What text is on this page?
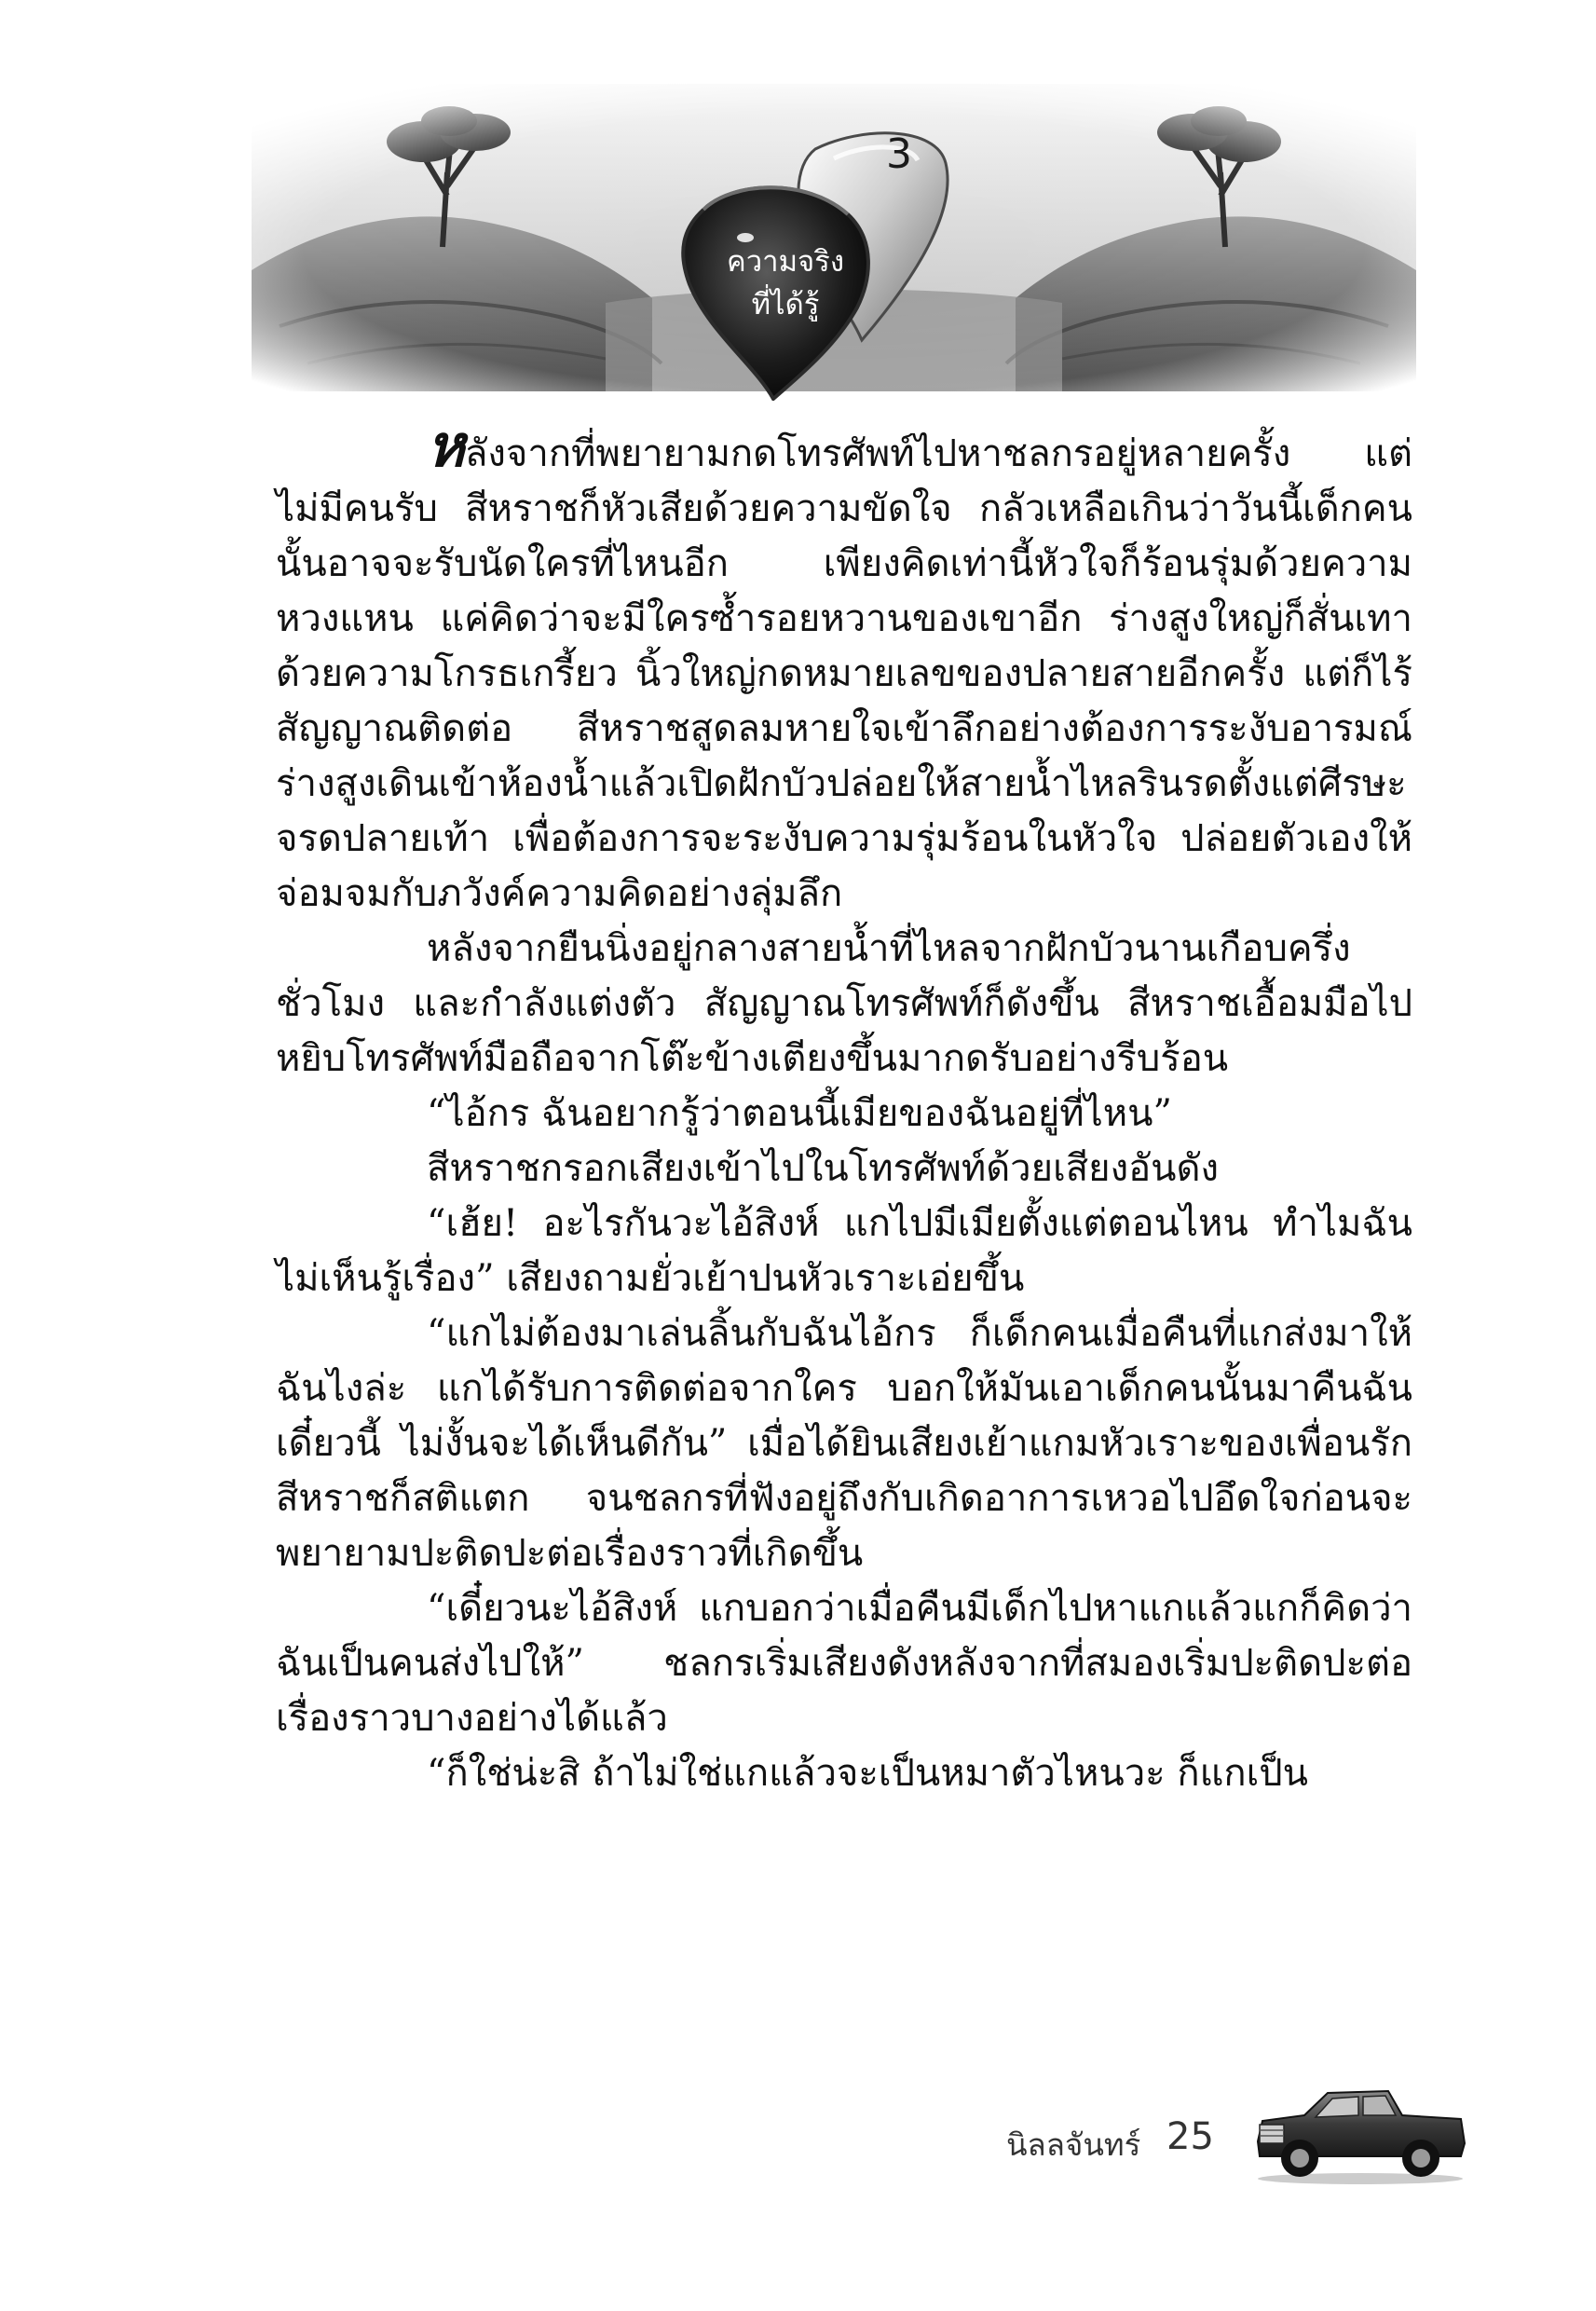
3
ความจริง
ที่ได้รู้

หลังจากที่พยายามกดโทรศัพท์ไปหาชลกรอยู่หลายครั้ง แต่ไม่มีคนรับ สีหราชก็หัวเสียด้วยความขัดใจ กลัวเหลือเกินว่าวันนี้เด็กคนนั้นอาจจะรับนัดใครที่ไหนอีก เพียงคิดเท่านี้หัวใจก็ร้อนรุ่มด้วยความหวงแหน แค่คิดว่าจะมีใครซ้ำรอยหวานของเขาอีก ร่างสูงใหญ่ก็สั่นเทาด้วยความโกรธเกรี้ยว นิ้วใหญ่กดหมายเลขของปลายสายอีกครั้ง แต่ก็ไร้สัญญาณติดต่อ สีหราชสูดลมหายใจเข้าลึกอย่างต้องการระงับอารมณ์ ร่างสูงเดินเข้าห้องน้ำแล้วเปิดฝักบัวปล่อยให้สายน้ำไหลรินรดตั้งแต่ศีรษะจรดปลายเท้า เพื่อต้องการจะระงับความรุ่มร้อนในหัวใจ ปล่อยตัวเองให้จ่อมจมกับภวังค์ความคิดอย่างลุ่มลึก

หลังจากยืนนิ่งอยู่กลางสายน้ำที่ไหลจากฝักบัวนานเกือบครึ่งชั่วโมง และกำลังแต่งตัว สัญญาณโทรศัพท์ก็ดังขึ้น สีหราชเอื้อมมือไปหยิบโทรศัพท์มือถือจากโต๊ะข้างเตียงขึ้นมากดรับอย่างรีบร้อน

“ไอ้กร ฉันอยากรู้ว่าตอนนี้เมียของฉันอยู่ที่ไหน”

สีหราชกรอกเสียงเข้าไปในโทรศัพท์ด้วยเสียงอันดัง

“เฮ้ย! อะไรกันวะไอ้สิงห์ แกไปมีเมียตั้งแต่ตอนไหน ทำไมฉันไม่เห็นรู้เรื่อง” เสียงถามยั่วเย้าปนหัวเราะเอ่ยขึ้น

“แกไม่ต้องมาเล่นลิ้นกับฉันไอ้กร ก็เด็กคนเมื่อคืนที่แกส่งมาให้ฉันไงล่ะ แกได้รับการติดต่อจากใคร บอกให้มันเอาเด็กคนนั้นมาคืนฉันเดี๋ยวนี้ ไม่งั้นจะได้เห็นดีกัน” เมื่อได้ยินเสียงเย้าแกมหัวเราะของเพื่อนรักสีหราชก็สติแตก จนชลกรที่ฟังอยู่ถึงกับเกิดอาการเหวอไปอึดใจก่อนจะพยายามปะติดปะต่อเรื่องราวที่เกิดขึ้น

“เดี๋ยวนะไอ้สิงห์ แกบอกว่าเมื่อคืนมีเด็กไปหาแกแล้วแกก็คิดว่าฉันเป็นคนส่งไปให้” ชลกรเริ่มเสียงดังหลังจากที่สมองเริ่มปะติดปะต่อเรื่องราวบางอย่างได้แล้ว

“ก็ใช่น่ะสิ ถ้าไม่ใช่แกแล้วจะเป็นหมาตัวไหนวะ ก็แกเป็น

นิลลจันทร์ 25
